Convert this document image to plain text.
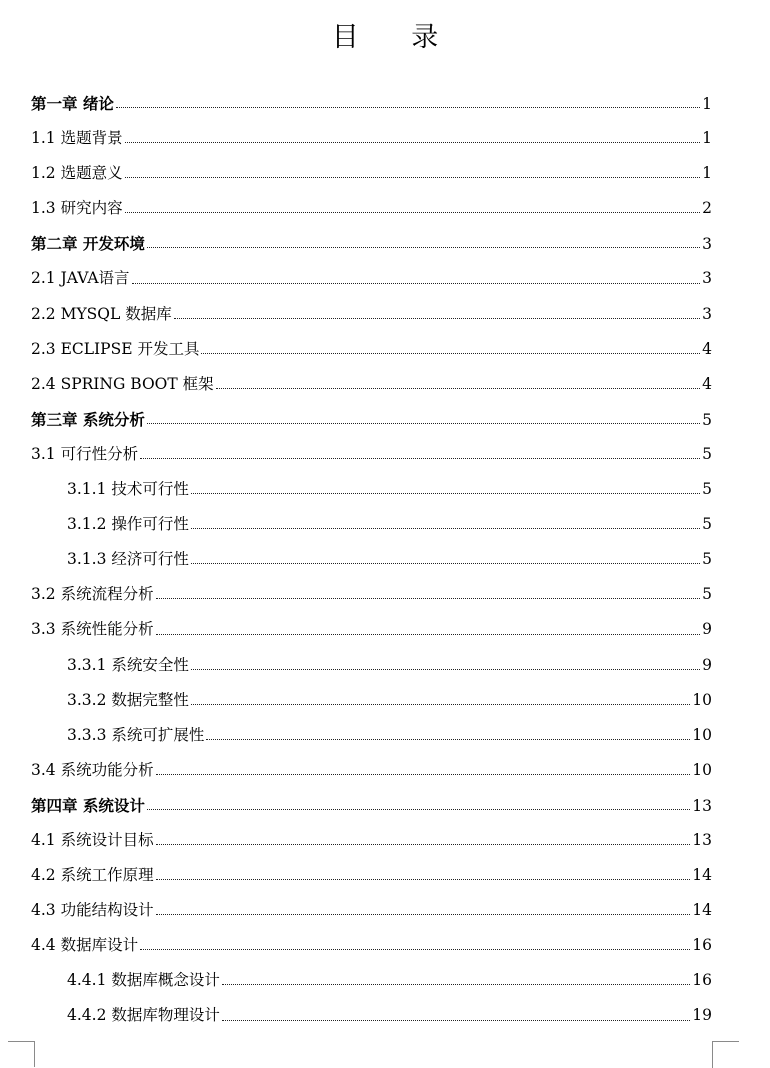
目 录
第一章 绪论	1
1.1 选题背景	1
1.2 选题意义	1
1.3 研究内容	2
第二章 开发环境	3
2.1 JAVA语言	3
2.2 MYSQL 数据库	3
2.3 ECLIPSE 开发工具	4
2.4 SPRING BOOT 框架	4
第三章 系统分析	5
3.1 可行性分析	5
3.1.1 技术可行性	5
3.1.2 操作可行性	5
3.1.3 经济可行性	5
3.2 系统流程分析	5
3.3 系统性能分析	9
3.3.1 系统安全性	9
3.3.2 数据完整性	10
3.3.3 系统可扩展性	10
3.4 系统功能分析	10
第四章 系统设计	13
4.1 系统设计目标	13
4.2 系统工作原理	14
4.3 功能结构设计	14
4.4 数据库设计	16
4.4.1 数据库概念设计	16
4.4.2 数据库物理设计	19
